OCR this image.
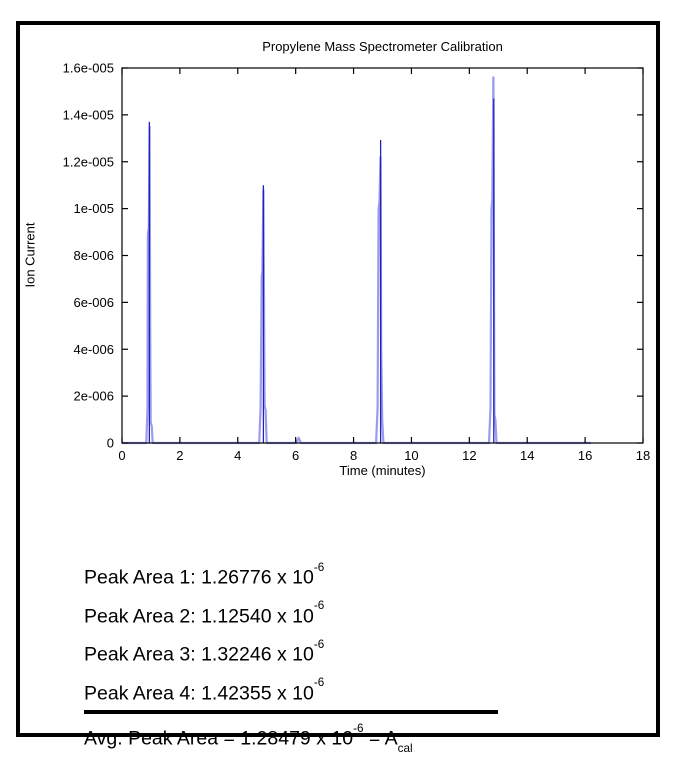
Propylene Mass Spectrometer Calibration
0	2	4	6	8	10	12	14	16	18
0
2e-006
4e-006
6e-006
8e-006
1e-005
1.2e-005
1.4e-005
1.6e-005
Time (minutes)
Ion Current
Peak Area 1: 1.26776 x $10^{-6}$
Peak Area 2: 1.12540 x $10^{-6}$
Peak Area 3: 1.32246 x $10^{-6}$
Peak Area 4: 1.42355 x $10^{-6}$
Avg. Peak Area = 1.28479 x $10^{-6} = A_{cal}$
